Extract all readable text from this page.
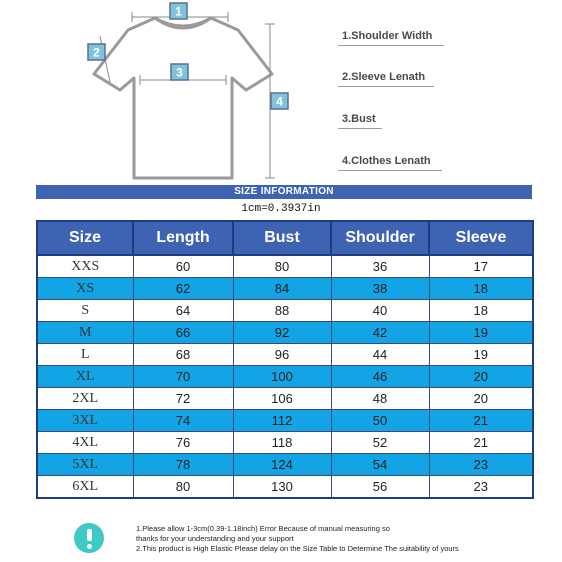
1
2
3
4
1.Shoulder Width
2.Sleeve Lenath
3.Bust
4.Clothes Lenath
SIZE INFORMATION
1cm=0.3937in
Size	Length	Bust	Shoulder	Sleeve
XXS	60	80	36	17
XS	62	84	38	18
S	64	88	40	18
M	66	92	42	19
L	68	96	44	19
XL	70	100	46	20
2XL	72	106	48	20
3XL	74	112	50	21
4XL	76	118	52	21
5XL	78	124	54	23
6XL	80	130	56	23
1.Please allow 1-3cm(0.39-1.18inch) Error Because of manual measuring so
thanks for your understanding and your support
2.This product is High Elastic Please delay on the Size Table to Determine The suitability of yours
